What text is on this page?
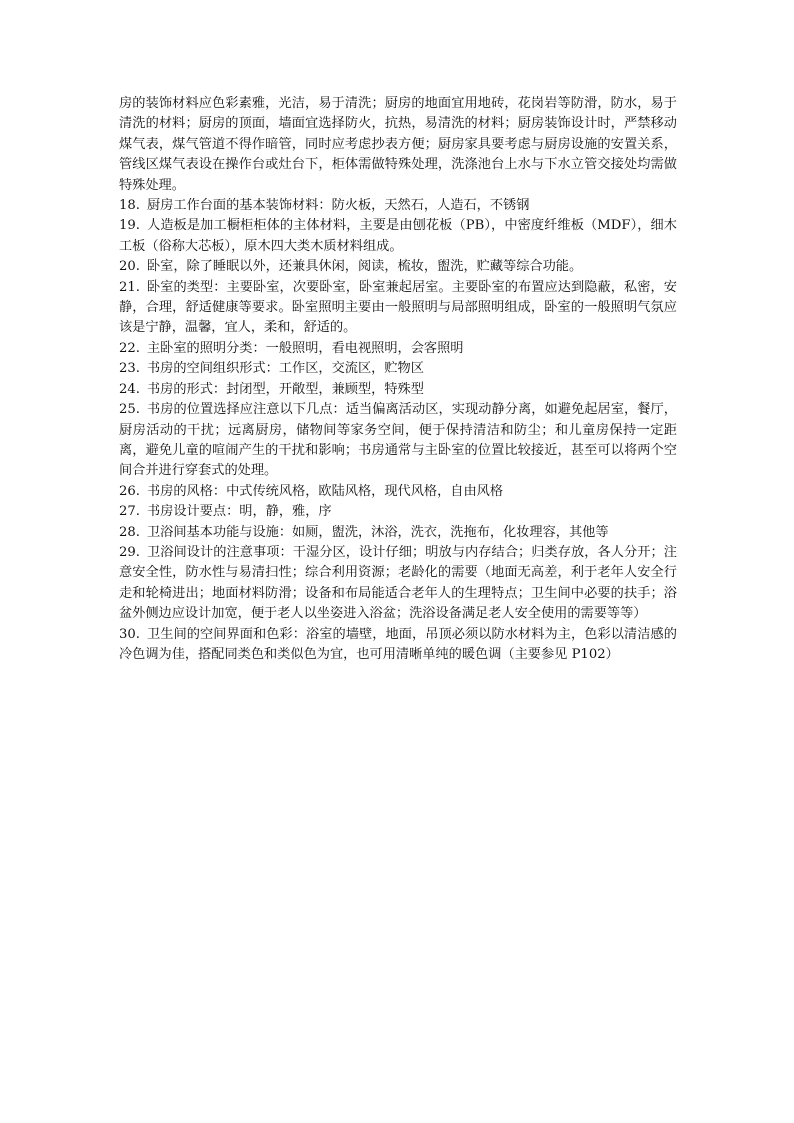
房的装饰材料应色彩素雅，光洁，易于清洗；厨房的地面宜用地砖，花岗岩等防滑，防水，易于清洗的材料；厨房的顶面，墙面宜选择防火，抗热，易清洗的材料；厨房装饰设计时，严禁移动煤气表，煤气管道不得作暗管，同时应考虑抄表方便；厨房家具要考虑与厨房设施的安置关系，管线区煤气表设在操作台或灶台下，柜体需做特殊处理，洗涤池台上水与下水立管交接处均需做特殊处理。

18. 厨房工作台面的基本装饰材料：防火板，天然石，人造石，不锈钢

19. 人造板是加工橱柜柜体的主体材料，主要是由刨花板（PB），中密度纤维板（MDF），细木工板（俗称大芯板），原木四大类木质材料组成。

20. 卧室，除了睡眠以外，还兼具休闲，阅读，梳妆，盥洗，贮藏等综合功能。

21. 卧室的类型：主要卧室，次要卧室，卧室兼起居室。主要卧室的布置应达到隐蔽，私密，安静，合理，舒适健康等要求。卧室照明主要由一般照明与局部照明组成，卧室的一般照明气氛应该是宁静，温馨，宜人，柔和，舒适的。

22. 主卧室的照明分类：一般照明，看电视照明，会客照明

23. 书房的空间组织形式：工作区，交流区，贮物区

24. 书房的形式：封闭型，开敞型，兼顾型，特殊型

25. 书房的位置选择应注意以下几点：适当偏离活动区，实现动静分离，如避免起居室，餐厅，厨房活动的干扰；远离厨房，储物间等家务空间，便于保持清洁和防尘；和儿童房保持一定距离，避免儿童的喧闹产生的干扰和影响；书房通常与主卧室的位置比较接近，甚至可以将两个空间合并进行穿套式的处理。

26. 书房的风格：中式传统风格，欧陆风格，现代风格，自由风格

27. 书房设计要点：明，静，雅，序

28. 卫浴间基本功能与设施：如厕，盥洗，沐浴，洗衣，洗拖布，化妆理容，其他等

29. 卫浴间设计的注意事项：干湿分区，设计仔细；明放与内存结合；归类存放，各人分开；注意安全性，防水性与易清扫性；综合利用资源；老龄化的需要（地面无高差，利于老年人安全行走和轮椅进出；地面材料防滑；设备和布局能适合老年人的生理特点；卫生间中必要的扶手；浴盆外侧边应设计加宽，便于老人以坐姿进入浴盆；洗浴设备满足老人安全使用的需要等等）

30. 卫生间的空间界面和色彩：浴室的墙壁，地面，吊顶必须以防水材料为主，色彩以清洁感的冷色调为佳，搭配同类色和类似色为宜，也可用清晰单纯的暖色调（主要参见 P102）
